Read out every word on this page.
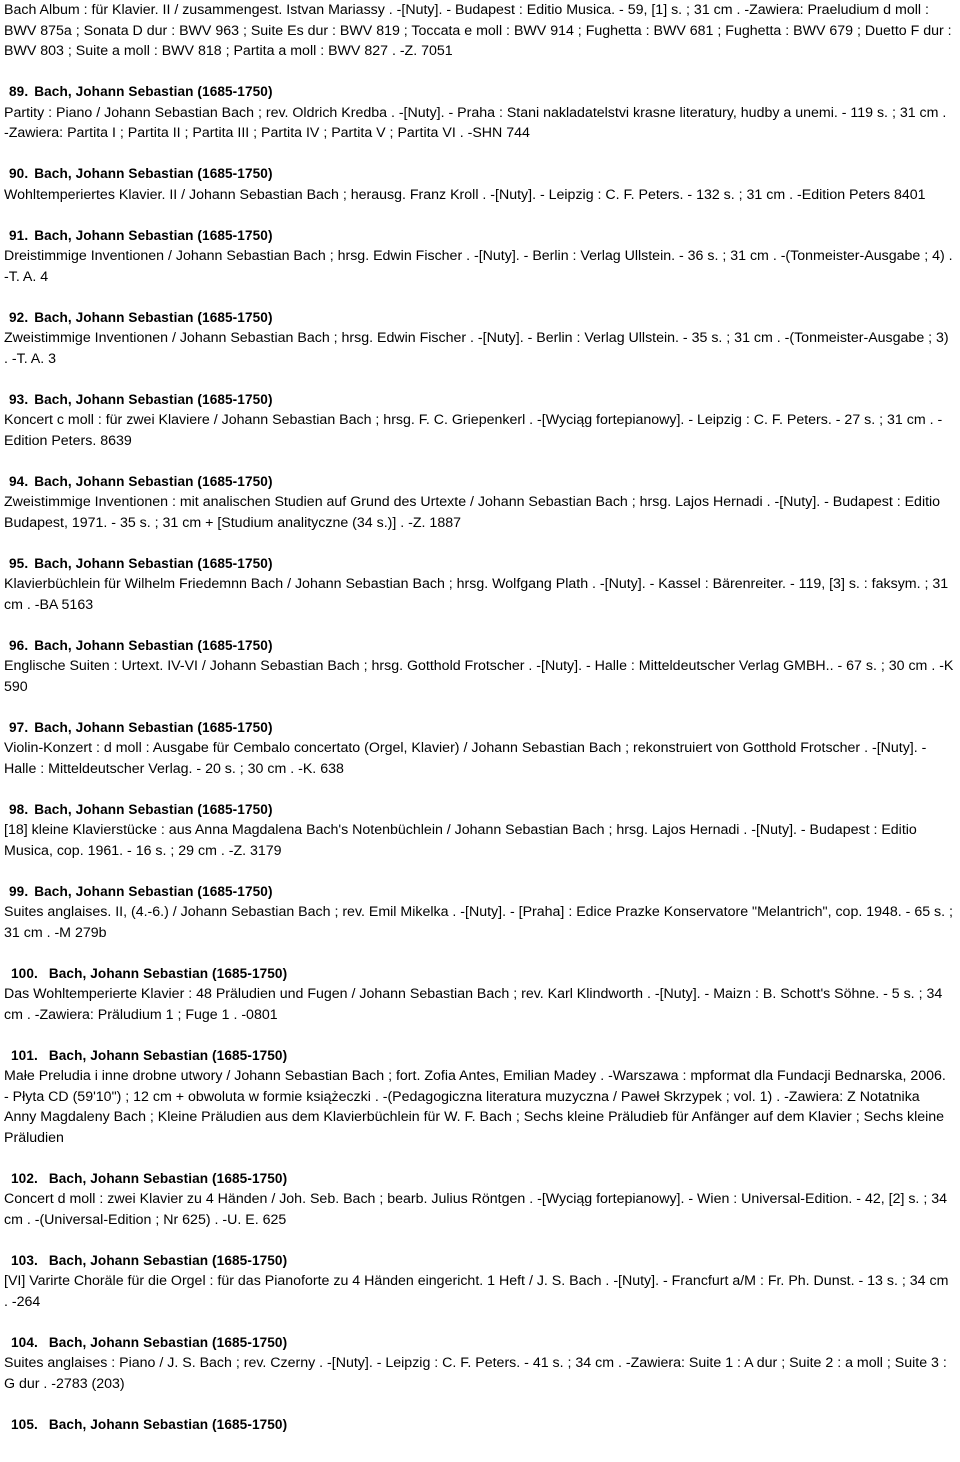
Bach Album : für Klavier. II / zusammengest. Istvan Mariassy . -[Nuty]. - Budapest : Editio Musica. - 59, [1] s. ; 31 cm . -Zawiera: Praeludium d moll : BWV 875a ; Sonata D dur : BWV 963 ; Suite Es dur : BWV 819 ; Toccata e moll : BWV 914 ; Fughetta : BWV 681 ; Fughetta : BWV 679 ; Duetto F dur : BWV 803 ; Suite a moll : BWV 818 ; Partita a moll : BWV 827 . -Z. 7051

89. Bach, Johann Sebastian (1685-1750)

Partity : Piano / Johann Sebastian Bach ; rev. Oldrich Kredba . -[Nuty]. - Praha : Stani nakladatelstvi krasne literatury, hudby a unemi. - 119 s. ; 31 cm . -Zawiera: Partita I ; Partita II ; Partita III ; Partita IV ; Partita V ; Partita VI . -SHN 744

90. Bach, Johann Sebastian (1685-1750)

Wohltemperiertes Klavier. II / Johann Sebastian Bach ; herausg. Franz Kroll . -[Nuty]. - Leipzig : C. F. Peters. - 132 s. ; 31 cm . -Edition Peters 8401

91. Bach, Johann Sebastian (1685-1750)

Dreistimmige Inventionen / Johann Sebastian Bach ; hrsg. Edwin Fischer . -[Nuty]. - Berlin : Verlag Ullstein. - 36 s. ; 31 cm . -(Tonmeister-Ausgabe ; 4) . -T. A. 4

92. Bach, Johann Sebastian (1685-1750)

Zweistimmige Inventionen / Johann Sebastian Bach ; hrsg. Edwin Fischer . -[Nuty]. - Berlin : Verlag Ullstein. - 35 s. ; 31 cm . -(Tonmeister-Ausgabe ; 3) . -T. A. 3

93. Bach, Johann Sebastian (1685-1750)

Koncert c moll : für zwei Klaviere / Johann Sebastian Bach ; hrsg. F. C. Griepenkerl . -[Wyciąg fortepianowy]. - Leipzig : C. F. Peters. - 27 s. ; 31 cm . -Edition Peters. 8639

94. Bach, Johann Sebastian (1685-1750)

Zweistimmige Inventionen : mit analischen Studien auf Grund des Urtexte / Johann Sebastian Bach ; hrsg. Lajos Hernadi . -[Nuty]. - Budapest : Editio Budapest, 1971. - 35 s. ; 31 cm + [Studium analityczne (34 s.)] . -Z. 1887

95. Bach, Johann Sebastian (1685-1750)

Klavierbüchlein für Wilhelm Friedemnn Bach / Johann Sebastian Bach ; hrsg. Wolfgang Plath . -[Nuty]. - Kassel : Bärenreiter. - 119, [3] s. : faksym. ; 31 cm . -BA 5163

96. Bach, Johann Sebastian (1685-1750)

Englische Suiten : Urtext. IV-VI / Johann Sebastian Bach ; hrsg. Gotthold Frotscher . -[Nuty]. - Halle : Mitteldeutscher Verlag GMBH.. - 67 s. ; 30 cm . -K 590

97. Bach, Johann Sebastian (1685-1750)

Violin-Konzert : d moll : Ausgabe für Cembalo concertato (Orgel, Klavier) / Johann Sebastian Bach ; rekonstruiert von Gotthold Frotscher . -[Nuty]. - Halle : Mitteldeutscher Verlag. - 20 s. ; 30 cm . -K. 638

98. Bach, Johann Sebastian (1685-1750)

[18] kleine Klavierstücke : aus Anna Magdalena Bach's Notenbüchlein / Johann Sebastian Bach ; hrsg. Lajos Hernadi . -[Nuty]. - Budapest : Editio Musica, cop. 1961. - 16 s. ; 29 cm . -Z. 3179

99. Bach, Johann Sebastian (1685-1750)

Suites anglaises. II, (4.-6.) / Johann Sebastian Bach ; rev. Emil Mikelka . -[Nuty]. - [Praha] : Edice Prazke Konservatore "Melantrich", cop. 1948. - 65 s. ; 31 cm . -M 279b

100. Bach, Johann Sebastian (1685-1750)

Das Wohltemperierte Klavier : 48 Präludien und Fugen / Johann Sebastian Bach ; rev. Karl Klindworth . -[Nuty]. - Maizn : B. Schott's Söhne. - 5 s. ; 34 cm . -Zawiera: Präludium 1 ; Fuge 1 . -0801

101. Bach, Johann Sebastian (1685-1750)

Małe Preludia i inne drobne utwory / Johann Sebastian Bach ; fort. Zofia Antes, Emilian Madey . -Warszawa : mpformat dla Fundacji Bednarska, 2006. - Płyta CD (59'10") ; 12 cm + obwoluta w formie książeczki . -(Pedagogiczna literatura muzyczna / Paweł Skrzypek ; vol. 1) . -Zawiera: Z Notatnika Anny Magdaleny Bach ; Kleine Präludien aus dem Klavierbüchlein für W. F. Bach ; Sechs kleine Präludieb für Anfänger auf dem Klavier ; Sechs kleine Präludien

102. Bach, Johann Sebastian (1685-1750)

Concert d moll : zwei Klavier zu 4 Händen / Joh. Seb. Bach ; bearb. Julius Röntgen . -[Wyciąg fortepianowy]. - Wien : Universal-Edition. - 42, [2] s. ; 34 cm . -(Universal-Edition ; Nr 625) . -U. E. 625

103. Bach, Johann Sebastian (1685-1750)

[VI] Varirte Choräle für die Orgel : für das Pianoforte zu 4 Händen eingericht. 1 Heft / J. S. Bach . -[Nuty]. - Francfurt a/M : Fr. Ph. Dunst. - 13 s. ; 34 cm . -264

104. Bach, Johann Sebastian (1685-1750)

Suites anglaises : Piano / J. S. Bach ; rev. Czerny . -[Nuty]. - Leipzig : C. F. Peters. - 41 s. ; 34 cm . -Zawiera: Suite 1 : A dur ; Suite 2 : a moll ; Suite 3 : G dur . -2783 (203)

105. Bach, Johann Sebastian (1685-1750)
